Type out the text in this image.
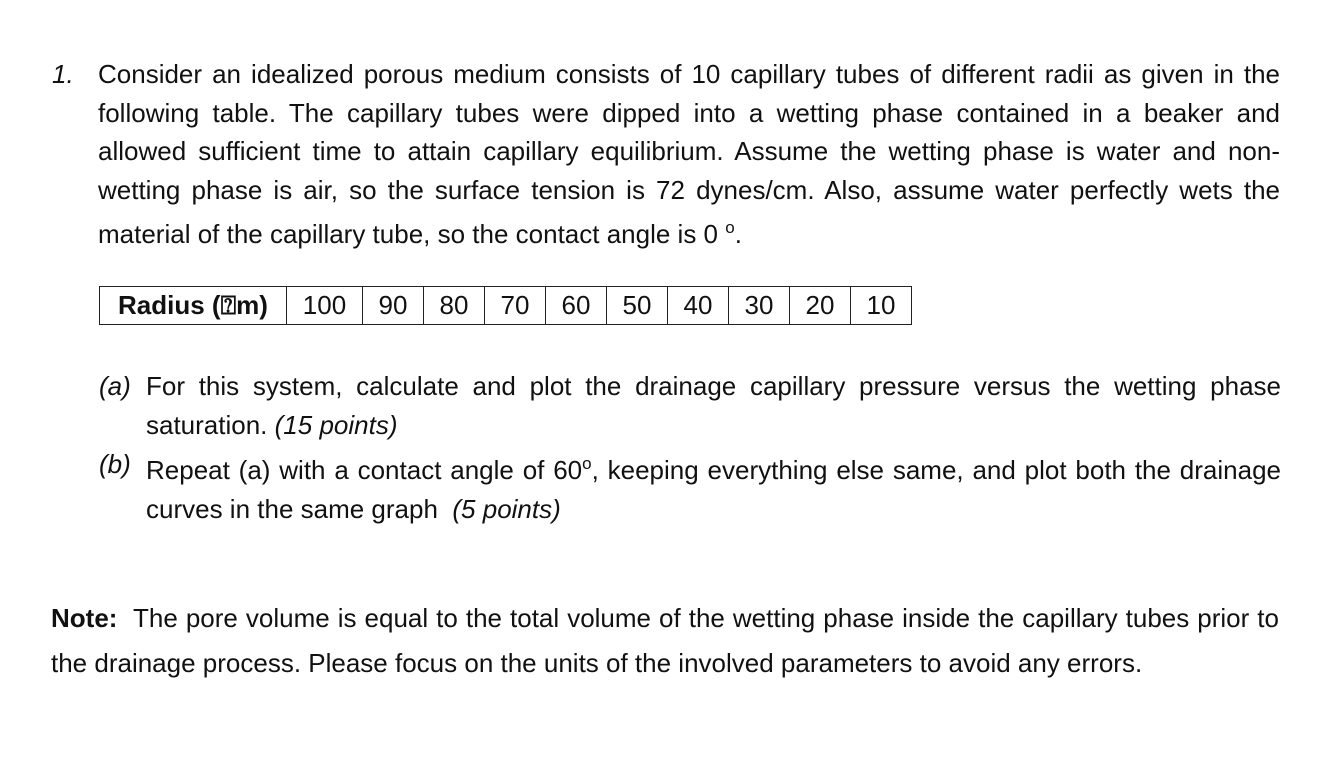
1. Consider an idealized porous medium consists of 10 capillary tubes of different radii as given in the following table. The capillary tubes were dipped into a wetting phase contained in a beaker and allowed sufficient time to attain capillary equilibrium. Assume the wetting phase is water and non-wetting phase is air, so the surface tension is 72 dynes/cm. Also, assume water perfectly wets the material of the capillary tube, so the contact angle is 0 $^o$.
Radius (⍰m)	100	90	80	70	60	50	40	30	20	10
(a) For this system, calculate and plot the drainage capillary pressure versus the wetting phase saturation. (15 points)
(b) Repeat (a) with a contact angle of 60$^o$, keeping everything else same, and plot both the drainage curves in the same graph (5 points)
Note: The pore volume is equal to the total volume of the wetting phase inside the capillary tubes prior to the drainage process. Please focus on the units of the involved parameters to avoid any errors.
